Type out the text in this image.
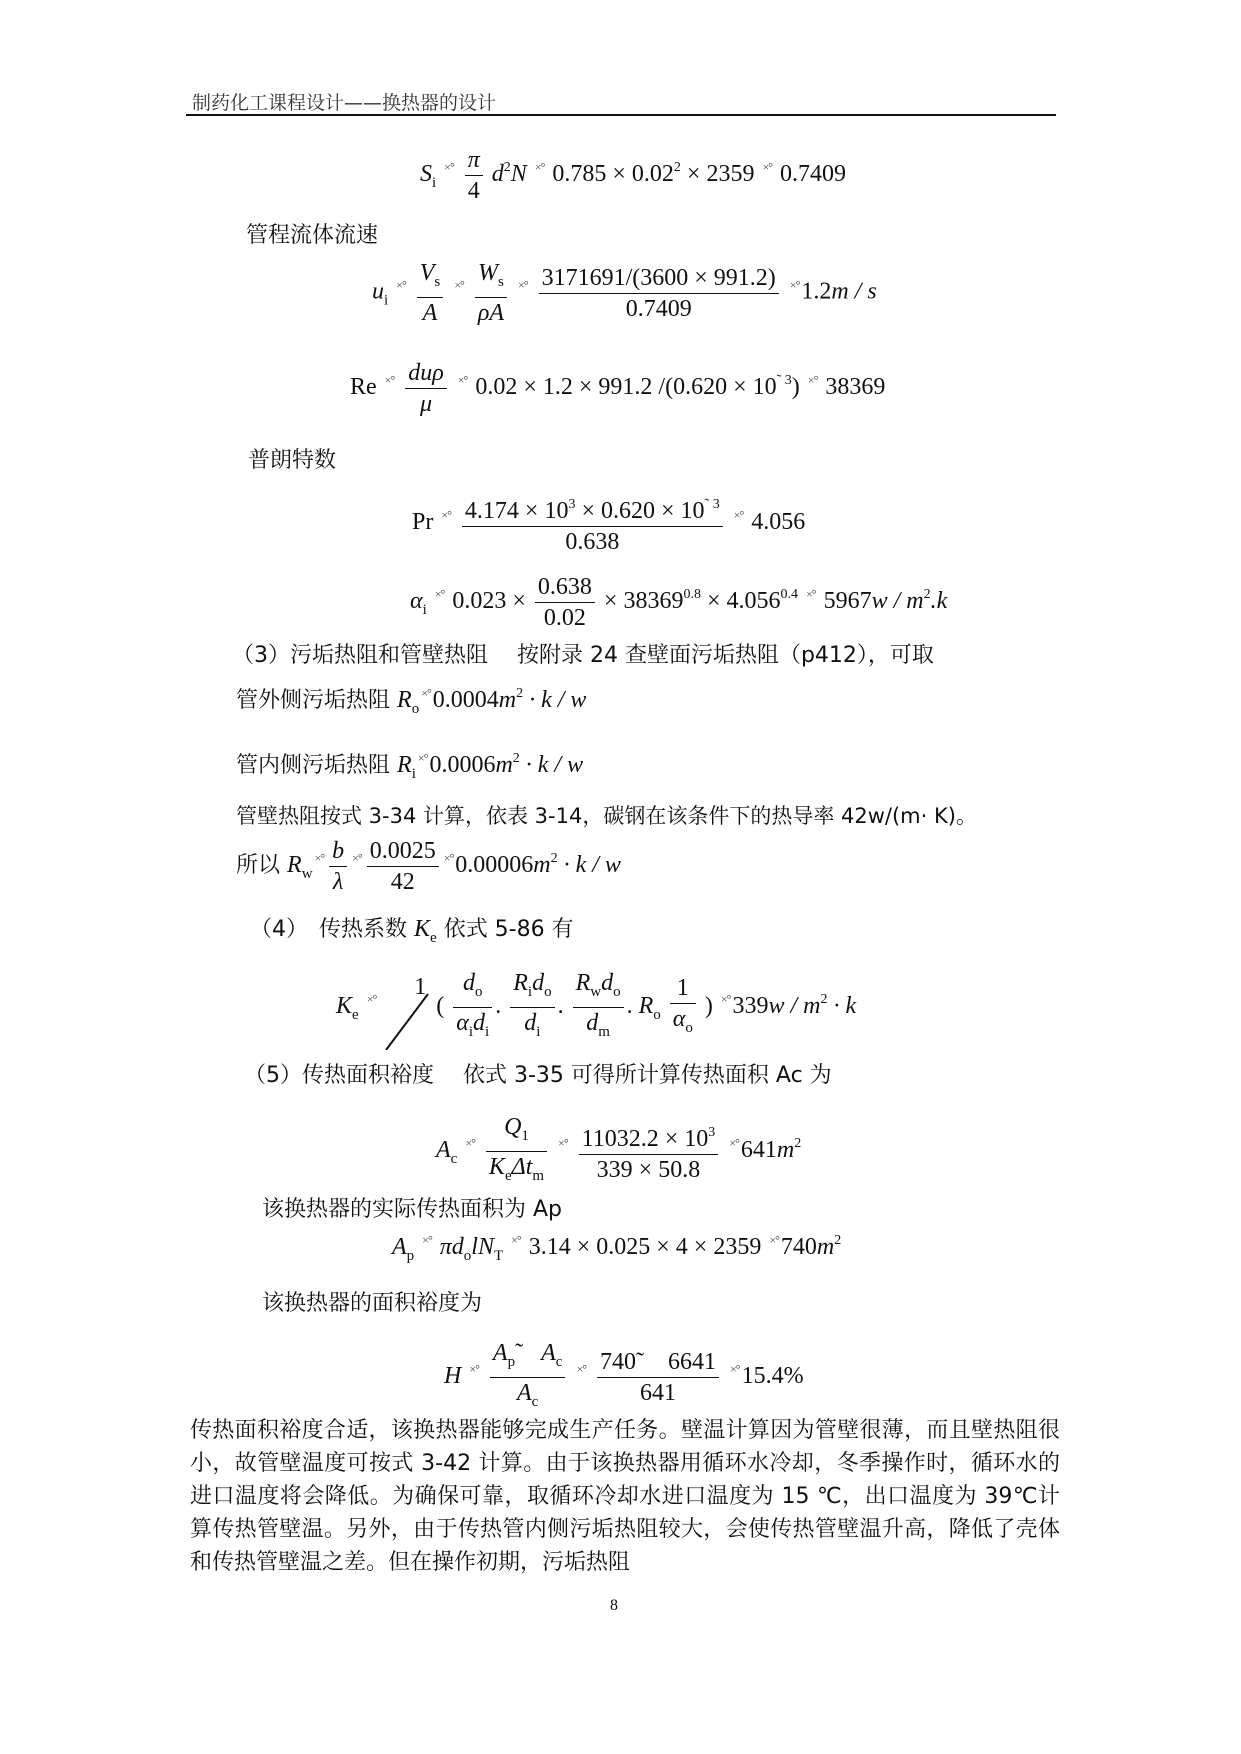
制药化工课程设计——换热器的设计
$S_i$ $^{\times^\circ} \frac{\pi}{4} d^2N$ ×° $0.785 \times 0.02^2 \times 2359$ ×° 0.7409
管程流体流速
$u_i$ $^{\times^\circ} \frac{V_s}{A} ^{\times^\circ} \frac{W_s}{\rho A} ^{\times^\circ} \frac{3171691/(3600 \times 991.2)}{0.7409} ^{\times^\circ}1.2m$ / s
Re $^{\times^\circ} \frac{\text{duρ}}{\mu} ^{\times^\circ}$ 0.02 × 1.2 × 991.2 $/(0.620 \times 10^{˜ 3})$ ×° 38369
普朗特数
Pr $^{\times^\circ} \frac{4.174 \times 10^3 \times 0.620 \times 10^{˜ 3}}{0.638} ^{\times^\circ}$ 4.056
$\alpha_i$ ×° $0.023 \times \frac{0.638}{0.02} \times 38369^{0.8} \times 4.056^{0.4}$ ×° $5967w / m^2.k$
（3）污垢热阻和管壁热阻　 按附录 24 查壁面污垢热阻（p412），可取
管外侧污垢热阻 $R_o^{\times^\circ}0.0004m^2 \cdot k / w$
管内侧污垢热阻 $R_i^{\times^\circ}0.0006m^2 \cdot k / w$
管壁热阻按式 3-34 计算，依表 3-14，碳钢在该条件下的热导率 42w/(m· K)。
所以 $R_w^{\times^\circ} \frac{b}{\lambda} ^{\times^\circ} \frac{0.0025}{42} ^{\times^\circ}0.00006m^2 \cdot k / w$
（4）　传热系数 $K_e$ 依式 5-86 有
$K_e$ ×° 1
( $\frac{d_o}{\alpha_id_i}$ . $\frac{R_id_o}{d_i}$ . $\frac{R_wd_o}{d_m}$ . $R_o \frac{1}{\alpha_o}$ ) $^{\times^\circ}339w / m^2 \cdot k$
（5）传热面积裕度　 依式 3-35 可得所计算传热面积 Ac 为
$A_c$ $^{\times^\circ} \frac{Q_1}{K_e\Delta t_m} ^{\times^\circ} \frac{11032.2 \times 10^3}{339 \times 50.8} ^{\times^\circ}641m^2$
该换热器的实际传热面积为 Ap
$A_p$ ×° $\pi d_olN_T$ ×° 3.14 × 0.025 × 4 × 2359 $^{\times^\circ}740m^2$
该换热器的面积裕度为
H $^{\times^\circ} \frac{A_p˜ A_c}{A_c} ^{\times^\circ} \frac{740˜ 6641}{641} ^{\times^\circ}15.4\%$
传热面积裕度合适，该换热器能够完成生产任务。壁温计算因为管壁很薄，而且壁热阻很小，故管壁温度可按式 3-42 计算。由于该换热器用循环水冷却，冬季操作时，循环水的进口温度将会降低。为确保可靠，取循环冷却水进口温度为 15 ℃，出口温度为 39℃计算传热管壁温。另外，由于传热管内侧污垢热阻较大，会使传热管壁温升高，降低了壳体和传热管壁温之差。但在操作初期，污垢热阻
8
